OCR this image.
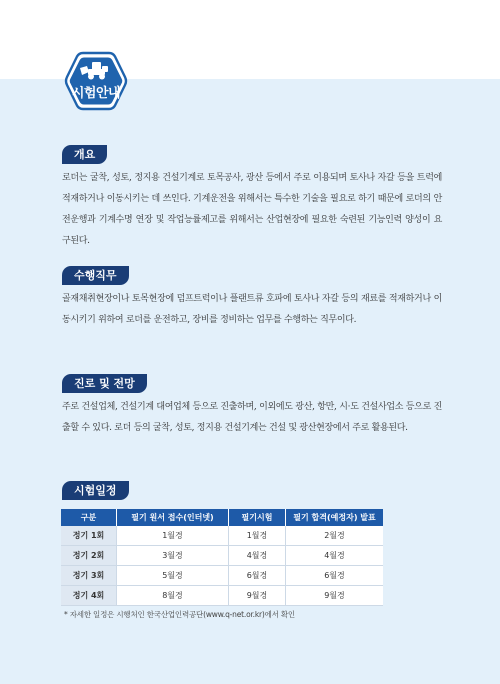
시험안내
개요
로더는 굴착, 성토, 정지용 건설기계로 토목공사, 광산 등에서 주로 이용되며 토사나 자갈 등을 트럭에 적재하거나 이동시키는 데 쓰인다. 기계운전을 위해서는 특수한 기술을 필요로 하기 때문에 로더의 안전운행과 기계수명 연장 및 작업능률제고를 위해서는 산업현장에 필요한 숙련된 기능인력 양성이 요구된다.
수행직무
골재채취현장이나 토목현장에 덤프트럭이나 플랜트류 호파에 토사나 자갈 등의 재료를 적재하거나 이동시키기 위하여 로더를 운전하고, 장비를 정비하는 업무를 수행하는 직무이다.
진로 및 전망
주로 건설업체, 건설기계 대여업체 등으로 진출하며, 이외에도 광산, 항만, 시·도 건설사업소 등으로 진출할 수 있다. 로더 등의 굴착, 성토, 정지용 건설기계는 건설 및 광산현장에서 주로 활용된다.
시험일정
구분	필기 원서 접수(인터넷)	필기시험	필기 합격(예정자) 발표
정기 1회	1월경	1월경	2월경
정기 2회	3월경	4월경	4월경
정기 3회	5월경	6월경	6월경
정기 4회	8월경	9월경	9월경
* 자세한 일정은 시행처인 한국산업인력공단(www.q-net.or.kr)에서 확인
